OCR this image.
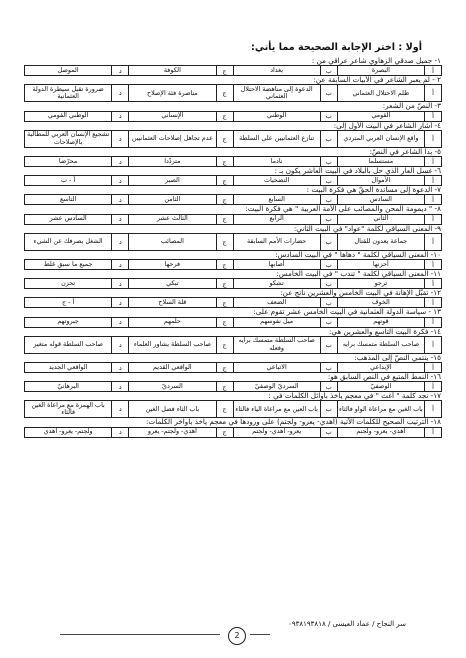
أولا : اختر الإجابة الصحيحة مما يأتي:
١- جميل صدقي الزهاوي شاعر عراقي من :
أ	البصرة	ب	بغداد	ج	الكوفة	د	الموصل
٢ - لم يعبر الشاعر في الأبيات السابقة عن:
أ	ظلم الاحتلال العثماني	ب	الدعوة إلى مناهضة الاحتلال العثماني	ج	مناصرة فئة الإصلاح	د	ضرورة تقبل سيطرة الدولة العثمانية
٣- النصّ من الشعر:
أ	القومي	ب	الوطني	ج	الإنساني	د	الوطني القومي
٤- أشار الشاعر في البيت الأول إلى:
أ	واقع الإنسان العربي المتردي	ب	تنازع العثمانيين على السلطة	ج	عدم تجاهل إصلاحات العثمانيين	د	تشجيع الإنسان العربي للمطالبة بالإصلاحات
٥- بدا الشاعر في النصّ:
أ	مستسلما	ب	نادما	ج	متردّدا	د	محرّضا
٦- غسل العار الذي حل بالبلاد في البيت العاشر يكون بـ :
أ	الأموال	ب	التضحيات	ج	الصبر	د	أ - ب
٧- الدعوة إلى مساندة الحقّ هي فكرة البيت :
أ	السادس	ب	السابع	ج	الثامن	د	التاسع
٨- " ديمومة المحن والمصائب على الأمة العربية " هي فكرة البيت:
أ	الثاني	ب	الرابع	ج	الثالث عشر	د	السادس عشر
٩- المعنى السياقي لكلمة "عواد" في البيت الثاني:
أ	جماعة يعدون للقتال	ب	حضارات الأمم السابقة	ج	المصائب	د	الشغل بصرفك عن الشيء
١٠- المعنى السياقي لكلمة " دهاها " في البيت السادس:
أ	أحزنها	ب	أصابها	ج	فرحها	د	جميع ما سبق غلط
١١- المعنى السياقي لكلمة " تندب " في البيت الخامس:
أ	ترجو	ب	تشكو	ج	تبكي	د	تحزن
١٢- تقبّل الإهانة في البيت الخامس والعشرين ناتج عن:
أ	الخوف	ب	الضعف	ج	قلة السلاح	د	أ - ج
١٣ - سياسة الدولة العثمانية في البيت الخامس عشر تقوم على:
أ	قوتهم	ب	ميل نفوسهم	ج	حلمهم	د	جبروتهم
١٤- فكرة البيت التاسع والعشرين هي:
أ	صاحب السلطة متمسك برايه	ب	صاحب السلطة متمسك برايه وفعله	ج	صاحب السلطة يشاور العلماء	د	صاحب السلطة قوله متغير
١٥- ينتمي النصّ إلى المذهب:
أ	الإبداعي	ب	الاتباعي	ج	الواقعي القديم	د	الواقعي الجديد
١٦- النمط المتبع في النص السابق هو:
أ	الوصفيّ	ب	السرديّ الوصفيّ	ج	السرديّ	د	البرهانيّ
١٧- نجد كلمة " أغث " في معجم يأخذ بأوائل الكلمات في :
أ	باب الغين مع مراعاة الواو فالثاء	ب	باب العين مع مراعاة الياء فالثاء	ج	باب الثاء فصل الغين	د	باب الهمزة مع مراعاة الغين فالثاء
١٨- الترتيب الصحيح للكلمات الآتية (أهدي- يعرو- ولجتم) على ورودها في معجم يأخذ بأواخر الكلمات:
أ	أهدي- يعرو- ولجتم	ب	يعرو- أهدي- ولجتم	ج	أهدي- ولجتم- يعرو	د	ولجتم- يعرو- أهدي
سر النجاح / عماد العيسى / ٠٩٣٨١٩٣٨١٨
2
